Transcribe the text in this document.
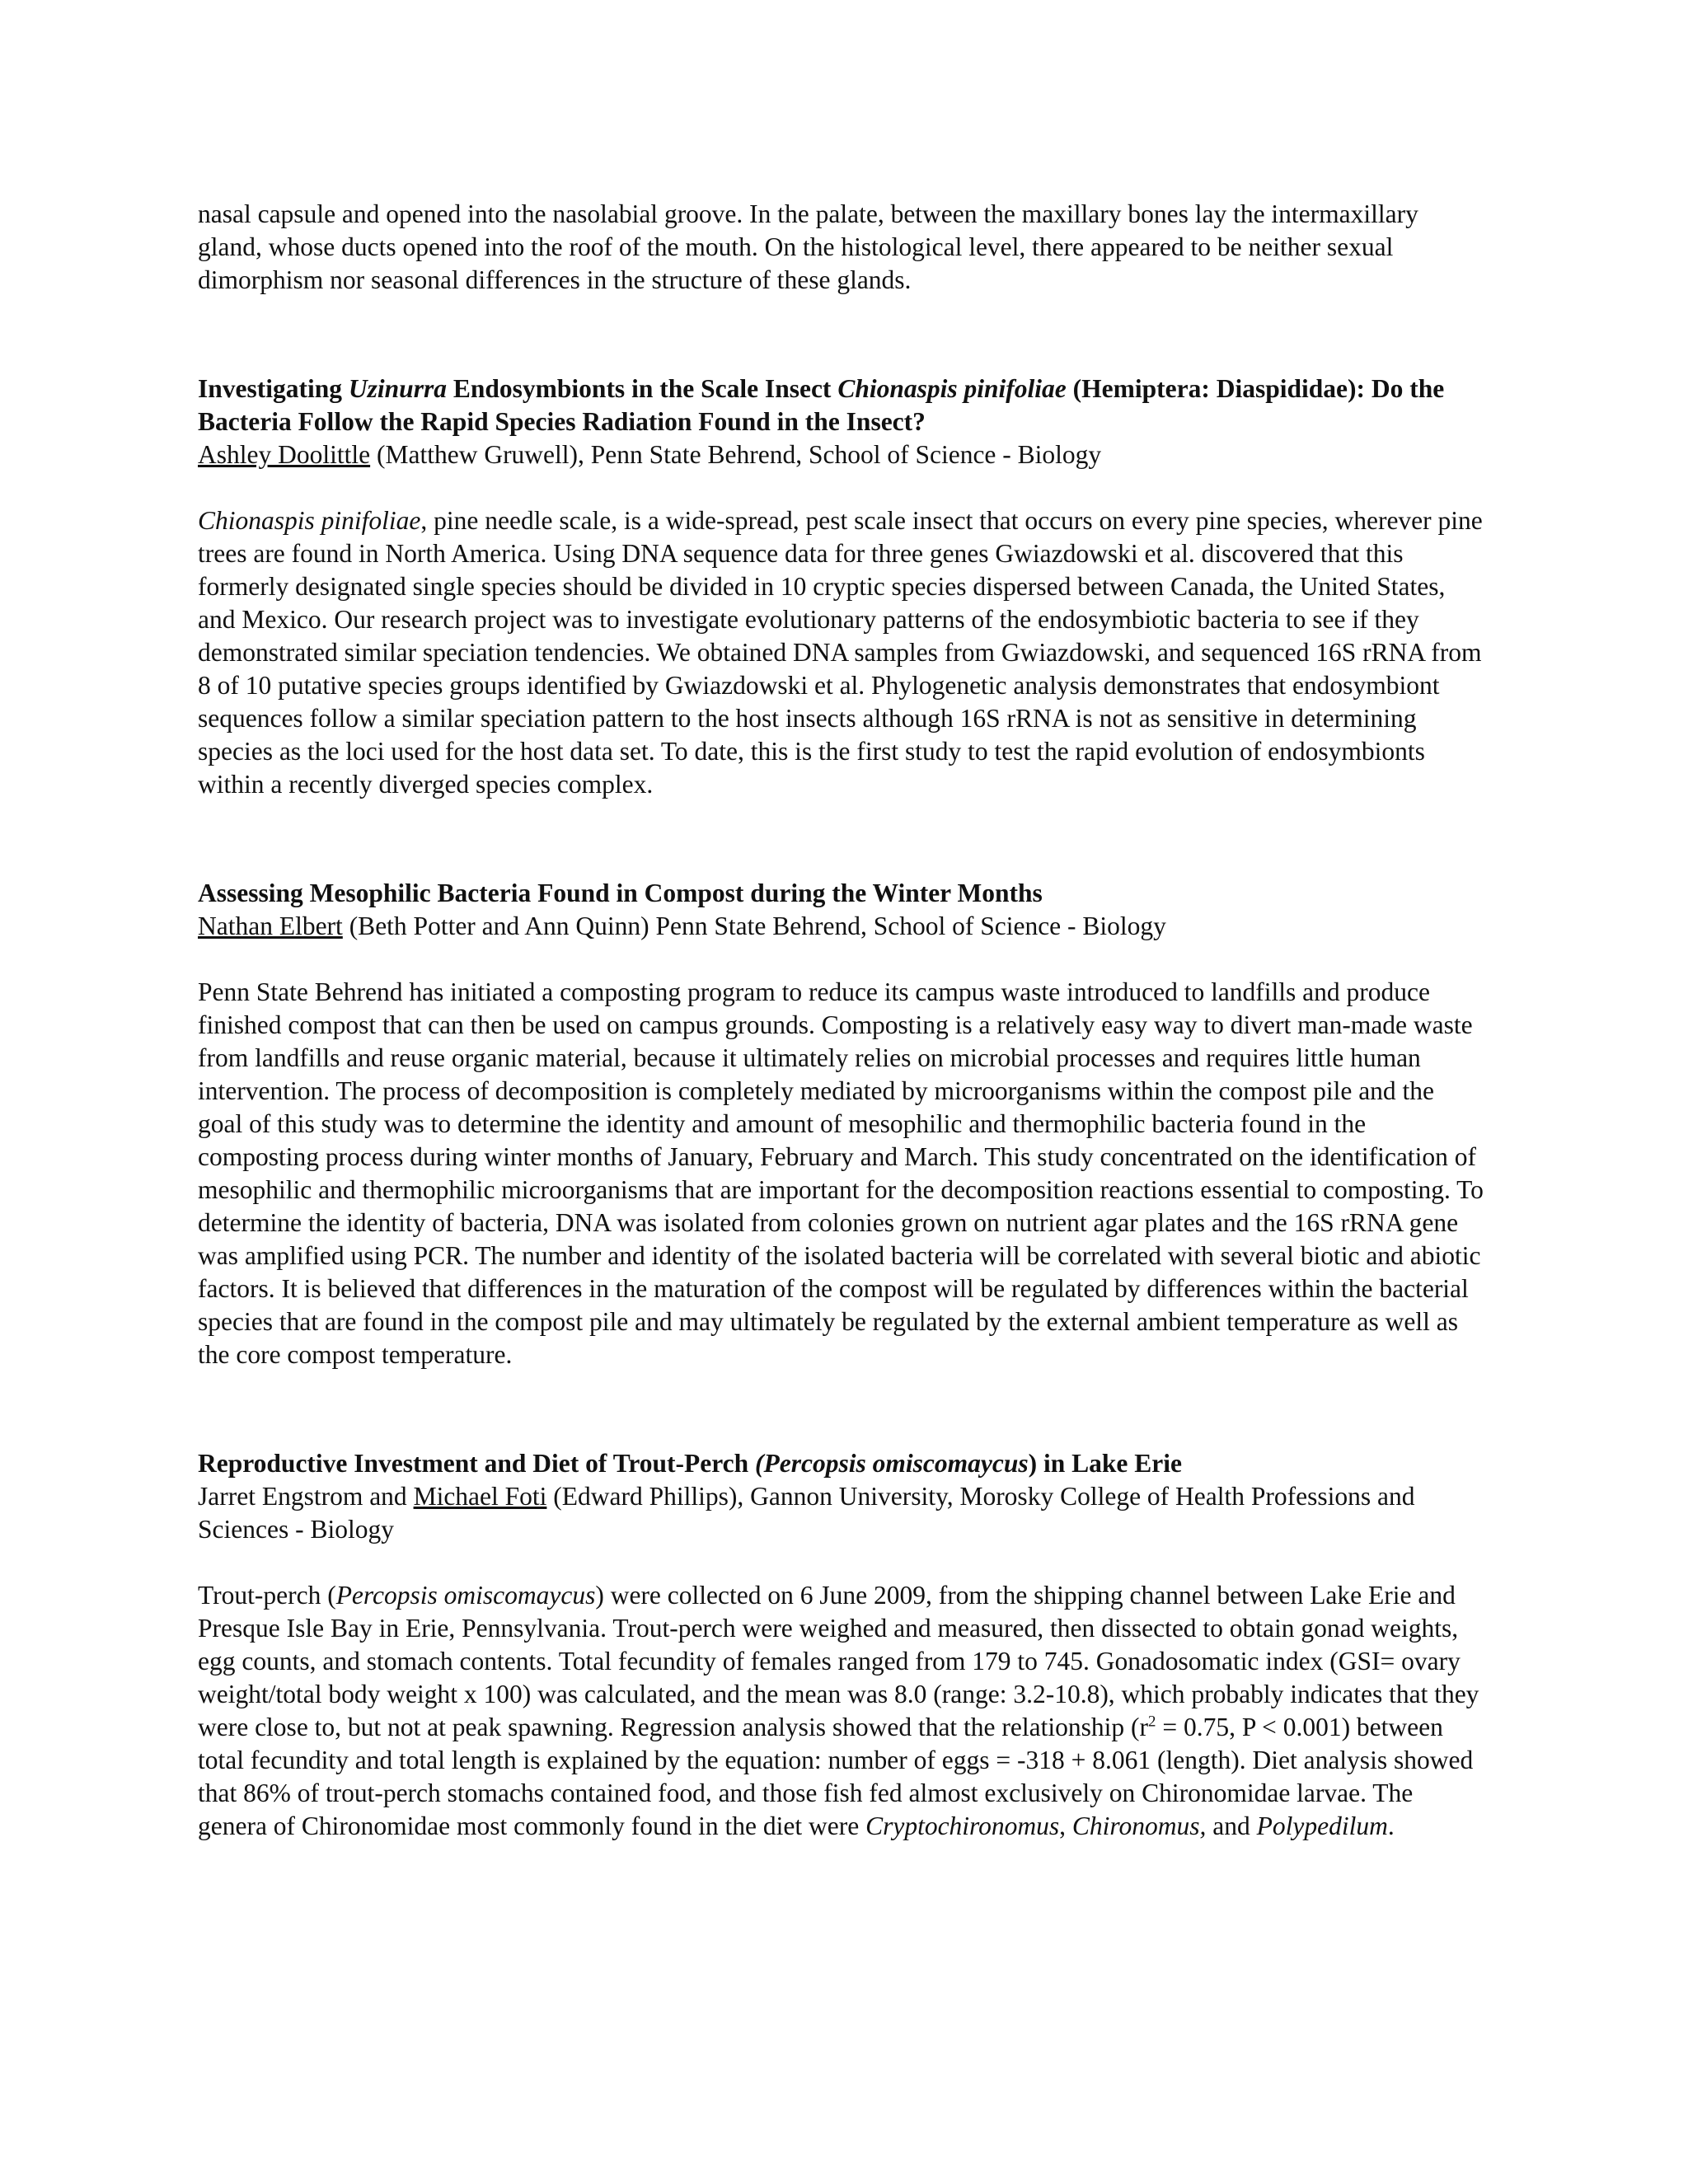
nasal capsule and opened into the nasolabial groove. In the palate, between the maxillary bones lay the intermaxillary gland, whose ducts opened into the roof of the mouth. On the histological level, there appeared to be neither sexual dimorphism nor seasonal differences in the structure of these glands.

Investigating Uzinurra Endosymbionts in the Scale Insect Chionaspis pinifoliae (Hemiptera: Diaspididae): Do the Bacteria Follow the Rapid Species Radiation Found in the Insect?

Ashley Doolittle (Matthew Gruwell), Penn State Behrend, School of Science - Biology

Chionaspis pinifoliae, pine needle scale, is a wide-spread, pest scale insect that occurs on every pine species, wherever pine trees are found in North America. Using DNA sequence data for three genes Gwiazdowski et al. discovered that this formerly designated single species should be divided in 10 cryptic species dispersed between Canada, the United States, and Mexico. Our research project was to investigate evolutionary patterns of the endosymbiotic bacteria to see if they demonstrated similar speciation tendencies. We obtained DNA samples from Gwiazdowski, and sequenced 16S rRNA from 8 of 10 putative species groups identified by Gwiazdowski et al. Phylogenetic analysis demonstrates that endosymbiont sequences follow a similar speciation pattern to the host insects although 16S rRNA is not as sensitive in determining species as the loci used for the host data set. To date, this is the first study to test the rapid evolution of endosymbionts within a recently diverged species complex.

Assessing Mesophilic Bacteria Found in Compost during the Winter Months

Nathan Elbert (Beth Potter and Ann Quinn) Penn State Behrend, School of Science - Biology

Penn State Behrend has initiated a composting program to reduce its campus waste introduced to landfills and produce finished compost that can then be used on campus grounds. Composting is a relatively easy way to divert man-made waste from landfills and reuse organic material, because it ultimately relies on microbial processes and requires little human intervention. The process of decomposition is completely mediated by microorganisms within the compost pile and the goal of this study was to determine the identity and amount of mesophilic and thermophilic bacteria found in the composting process during winter months of January, February and March. This study concentrated on the identification of mesophilic and thermophilic microorganisms that are important for the decomposition reactions essential to composting. To determine the identity of bacteria, DNA was isolated from colonies grown on nutrient agar plates and the 16S rRNA gene was amplified using PCR. The number and identity of the isolated bacteria will be correlated with several biotic and abiotic factors. It is believed that differences in the maturation of the compost will be regulated by differences within the bacterial species that are found in the compost pile and may ultimately be regulated by the external ambient temperature as well as the core compost temperature.

Reproductive Investment and Diet of Trout-Perch (Percopsis omiscomaycus) in Lake Erie

Jarret Engstrom and Michael Foti (Edward Phillips), Gannon University, Morosky College of Health Professions and Sciences - Biology

Trout-perch (Percopsis omiscomaycus) were collected on 6 June 2009, from the shipping channel between Lake Erie and Presque Isle Bay in Erie, Pennsylvania. Trout-perch were weighed and measured, then dissected to obtain gonad weights, egg counts, and stomach contents. Total fecundity of females ranged from 179 to 745. Gonadosomatic index (GSI= ovary weight/total body weight x 100) was calculated, and the mean was 8.0 (range: 3.2-10.8), which probably indicates that they were close to, but not at peak spawning. Regression analysis showed that the relationship ($r^2 = 0.75$, P < 0.001) between total fecundity and total length is explained by the equation: number of eggs = -318 + 8.061 (length). Diet analysis showed that 86% of trout-perch stomachs contained food, and those fish fed almost exclusively on Chironomidae larvae. The genera of Chironomidae most commonly found in the diet were Cryptochironomus, Chironomus, and Polypedilum.
